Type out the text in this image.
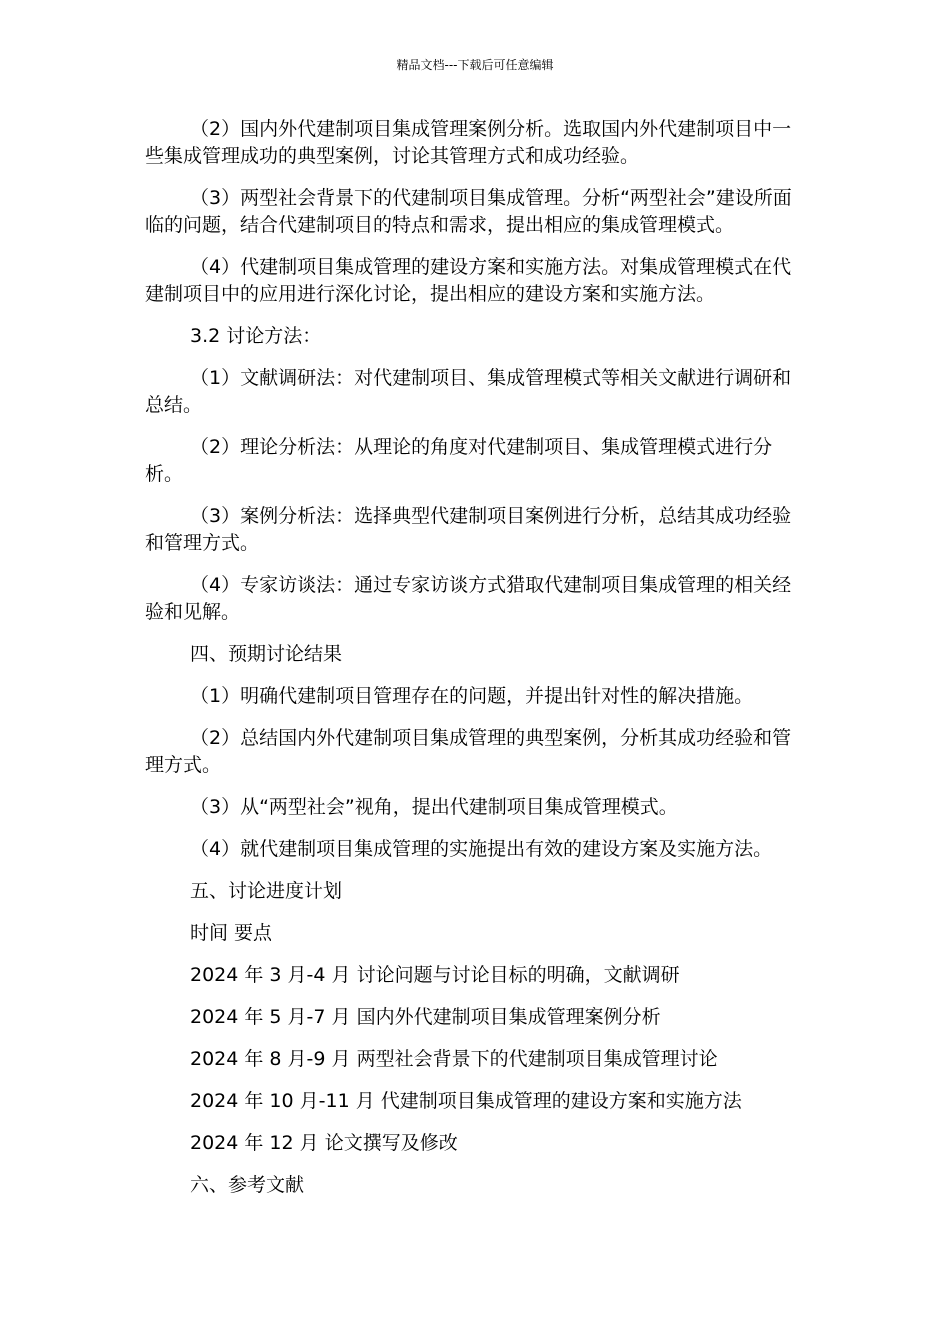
精品文档---下载后可任意编辑

（2）国内外代建制项目集成管理案例分析。选取国内外代建制项目中一些集成管理成功的典型案例，讨论其管理方式和成功经验。

（3）两型社会背景下的代建制项目集成管理。分析“两型社会”建设所面临的问题，结合代建制项目的特点和需求，提出相应的集成管理模式。

（4）代建制项目集成管理的建设方案和实施方法。对集成管理模式在代建制项目中的应用进行深化讨论，提出相应的建设方案和实施方法。

3.2 讨论方法：

（1）文献调研法：对代建制项目、集成管理模式等相关文献进行调研和总结。

（2）理论分析法：从理论的角度对代建制项目、集成管理模式进行分析。

（3）案例分析法：选择典型代建制项目案例进行分析，总结其成功经验和管理方式。

（4）专家访谈法：通过专家访谈方式猎取代建制项目集成管理的相关经验和见解。

四、预期讨论结果

（1）明确代建制项目管理存在的问题，并提出针对性的解决措施。

（2）总结国内外代建制项目集成管理的典型案例，分析其成功经验和管理方式。

（3）从“两型社会”视角，提出代建制项目集成管理模式。

（4）就代建制项目集成管理的实施提出有效的建设方案及实施方法。

五、讨论进度计划

时间 要点

2024 年 3 月-4 月 讨论问题与讨论目标的明确，文献调研

2024 年 5 月-7 月 国内外代建制项目集成管理案例分析

2024 年 8 月-9 月 两型社会背景下的代建制项目集成管理讨论

2024 年 10 月-11 月 代建制项目集成管理的建设方案和实施方法

2024 年 12 月 论文撰写及修改

六、参考文献
